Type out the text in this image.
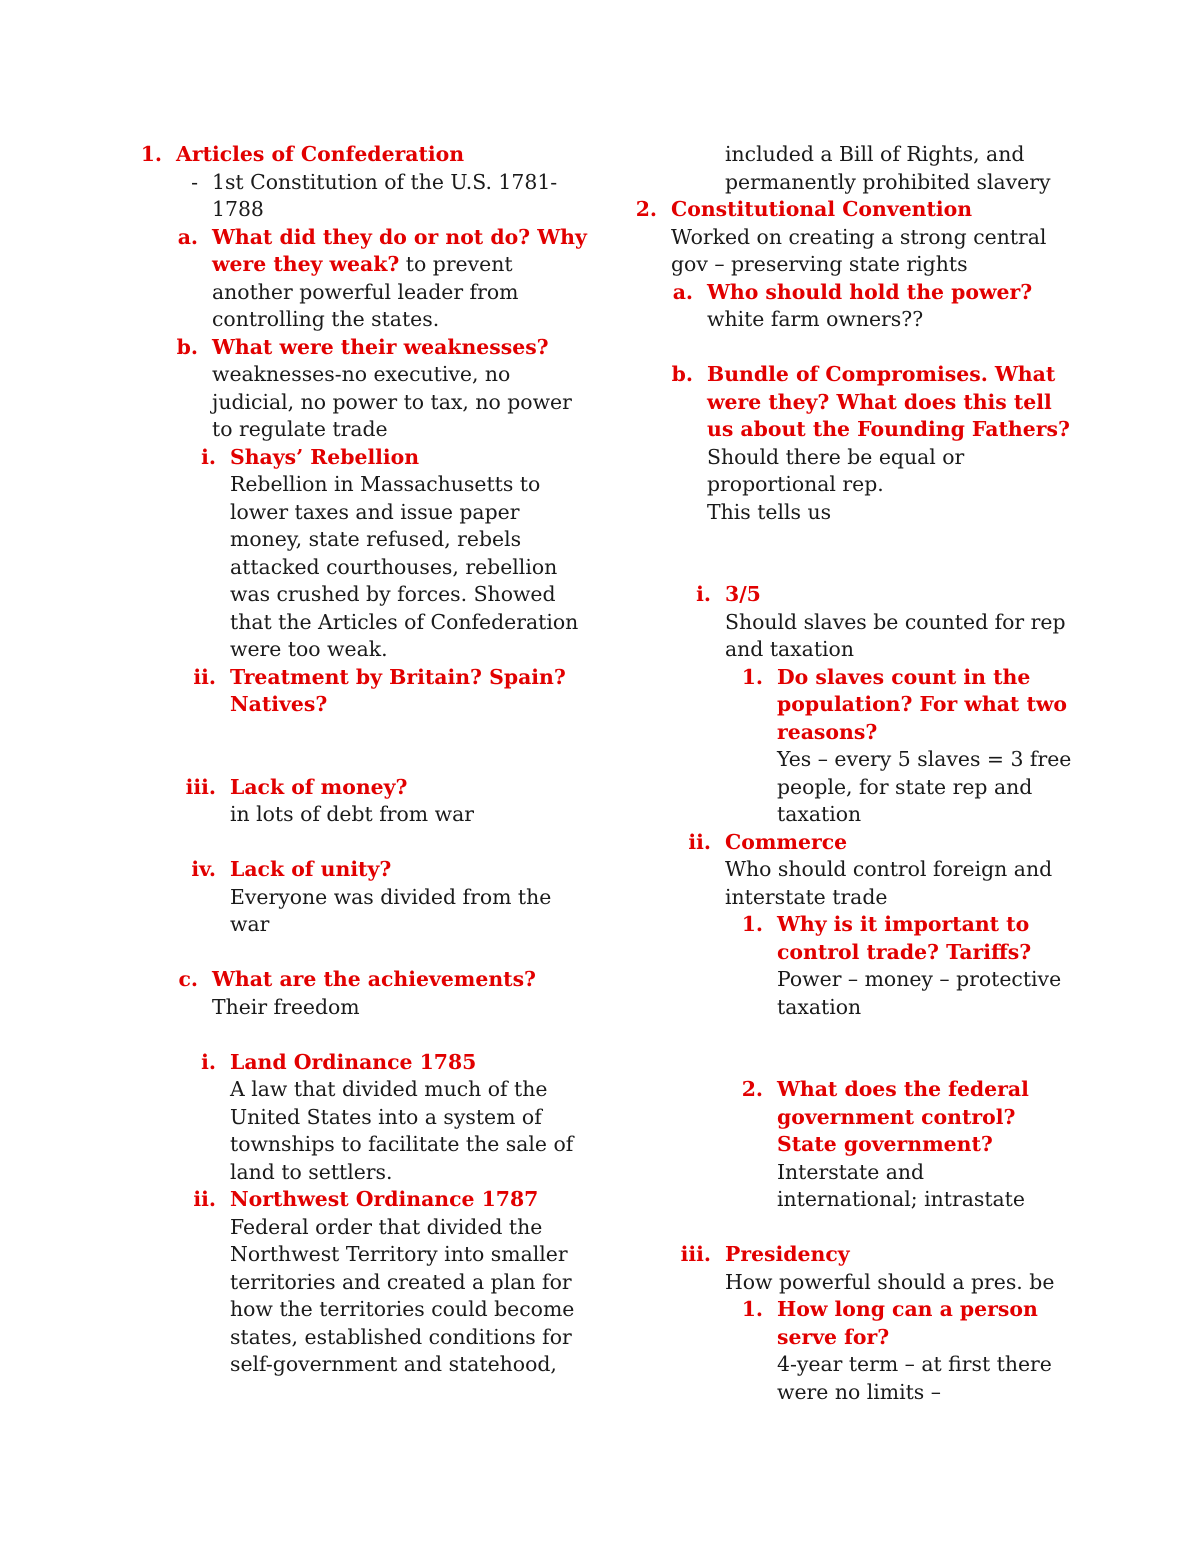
1. Articles of Confederation
- 1st Constitution of the U.S. 1781-
1788
a. What did they do or not do? Why
were they weak? to prevent
another powerful leader from
controlling the states.
b. What were their weaknesses?
weaknesses-no executive, no
judicial, no power to tax, no power
to regulate trade
i. Shays’ Rebellion
Rebellion in Massachusetts to
lower taxes and issue paper
money, state refused, rebels
attacked courthouses, rebellion
was crushed by forces. Showed
that the Articles of Confederation
were too weak.
ii. Treatment by Britain? Spain?
Natives?
iii. Lack of money?
in lots of debt from war
iv. Lack of unity?
Everyone was divided from the
war
c. What are the achievements?
Their freedom
i. Land Ordinance 1785
A law that divided much of the
United States into a system of
townships to facilitate the sale of
land to settlers.
ii. Northwest Ordinance 1787
Federal order that divided the
Northwest Territory into smaller
territories and created a plan for
how the territories could become
states, established conditions for
self-government and statehood,
included a Bill of Rights, and
permanently prohibited slavery
2. Constitutional Convention
Worked on creating a strong central
gov – preserving state rights
a. Who should hold the power?
white farm owners??
b. Bundle of Compromises. What
were they? What does this tell
us about the Founding Fathers?
Should there be equal or
proportional rep.
This tells us
i. 3/5
Should slaves be counted for rep
and taxation
1. Do slaves count in the
population? For what two
reasons?
Yes – every 5 slaves = 3 free
people, for state rep and
taxation
ii. Commerce
Who should control foreign and
interstate trade
1. Why is it important to
control trade? Tariffs?
Power – money – protective
taxation
2. What does the federal
government control?
State government?
Interstate and
international; intrastate
iii. Presidency
How powerful should a pres. be
1. How long can a person
serve for?
4-year term – at first there
were no limits –
